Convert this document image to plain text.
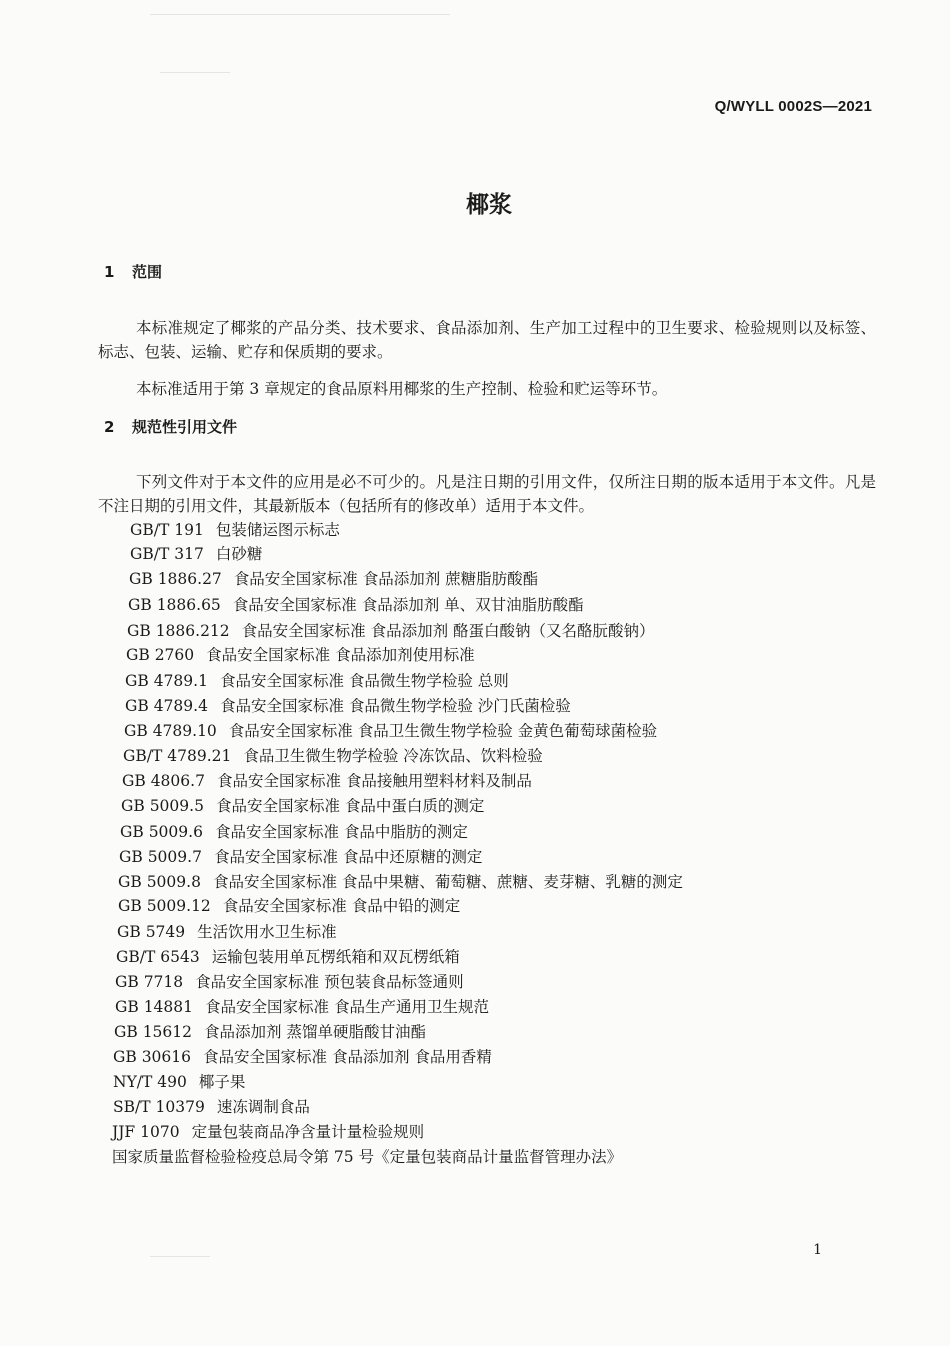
Q/WYLL 0002S—2021
椰浆
1 范围
本标准规定了椰浆的产品分类、技术要求、食品添加剂、生产加工过程中的卫生要求、检验规则以及标签、标志、包装、运输、贮存和保质期的要求。
本标准适用于第 3 章规定的食品原料用椰浆的生产控制、检验和贮运等环节。
2 规范性引用文件
下列文件对于本文件的应用是必不可少的。凡是注日期的引用文件，仅所注日期的版本适用于本文件。凡是不注日期的引用文件，其最新版本（包括所有的修改单）适用于本文件。
GB/T 191 包装储运图示标志
GB/T 317 白砂糖
GB 1886.27 食品安全国家标准 食品添加剂 蔗糖脂肪酸酯
GB 1886.65 食品安全国家标准 食品添加剂 单、双甘油脂肪酸酯
GB 1886.212 食品安全国家标准 食品添加剂 酪蛋白酸钠（又名酪朊酸钠）
GB 2760 食品安全国家标准 食品添加剂使用标准
GB 4789.1 食品安全国家标准 食品微生物学检验 总则
GB 4789.4 食品安全国家标准 食品微生物学检验 沙门氏菌检验
GB 4789.10 食品安全国家标准 食品卫生微生物学检验 金黄色葡萄球菌检验
GB/T 4789.21 食品卫生微生物学检验 冷冻饮品、饮料检验
GB 4806.7 食品安全国家标准 食品接触用塑料材料及制品
GB 5009.5 食品安全国家标准 食品中蛋白质的测定
GB 5009.6 食品安全国家标准 食品中脂肪的测定
GB 5009.7 食品安全国家标准 食品中还原糖的测定
GB 5009.8 食品安全国家标准 食品中果糖、葡萄糖、蔗糖、麦芽糖、乳糖的测定
GB 5009.12 食品安全国家标准 食品中铅的测定
GB 5749 生活饮用水卫生标准
GB/T 6543 运输包装用单瓦楞纸箱和双瓦楞纸箱
GB 7718 食品安全国家标准 预包装食品标签通则
GB 14881 食品安全国家标准 食品生产通用卫生规范
GB 15612 食品添加剂 蒸馏单硬脂酸甘油酯
GB 30616 食品安全国家标准 食品添加剂 食品用香精
NY/T 490 椰子果
SB/T 10379 速冻调制食品
JJF 1070 定量包装商品净含量计量检验规则
国家质量监督检验检疫总局令第 75 号《定量包装商品计量监督管理办法》
1
